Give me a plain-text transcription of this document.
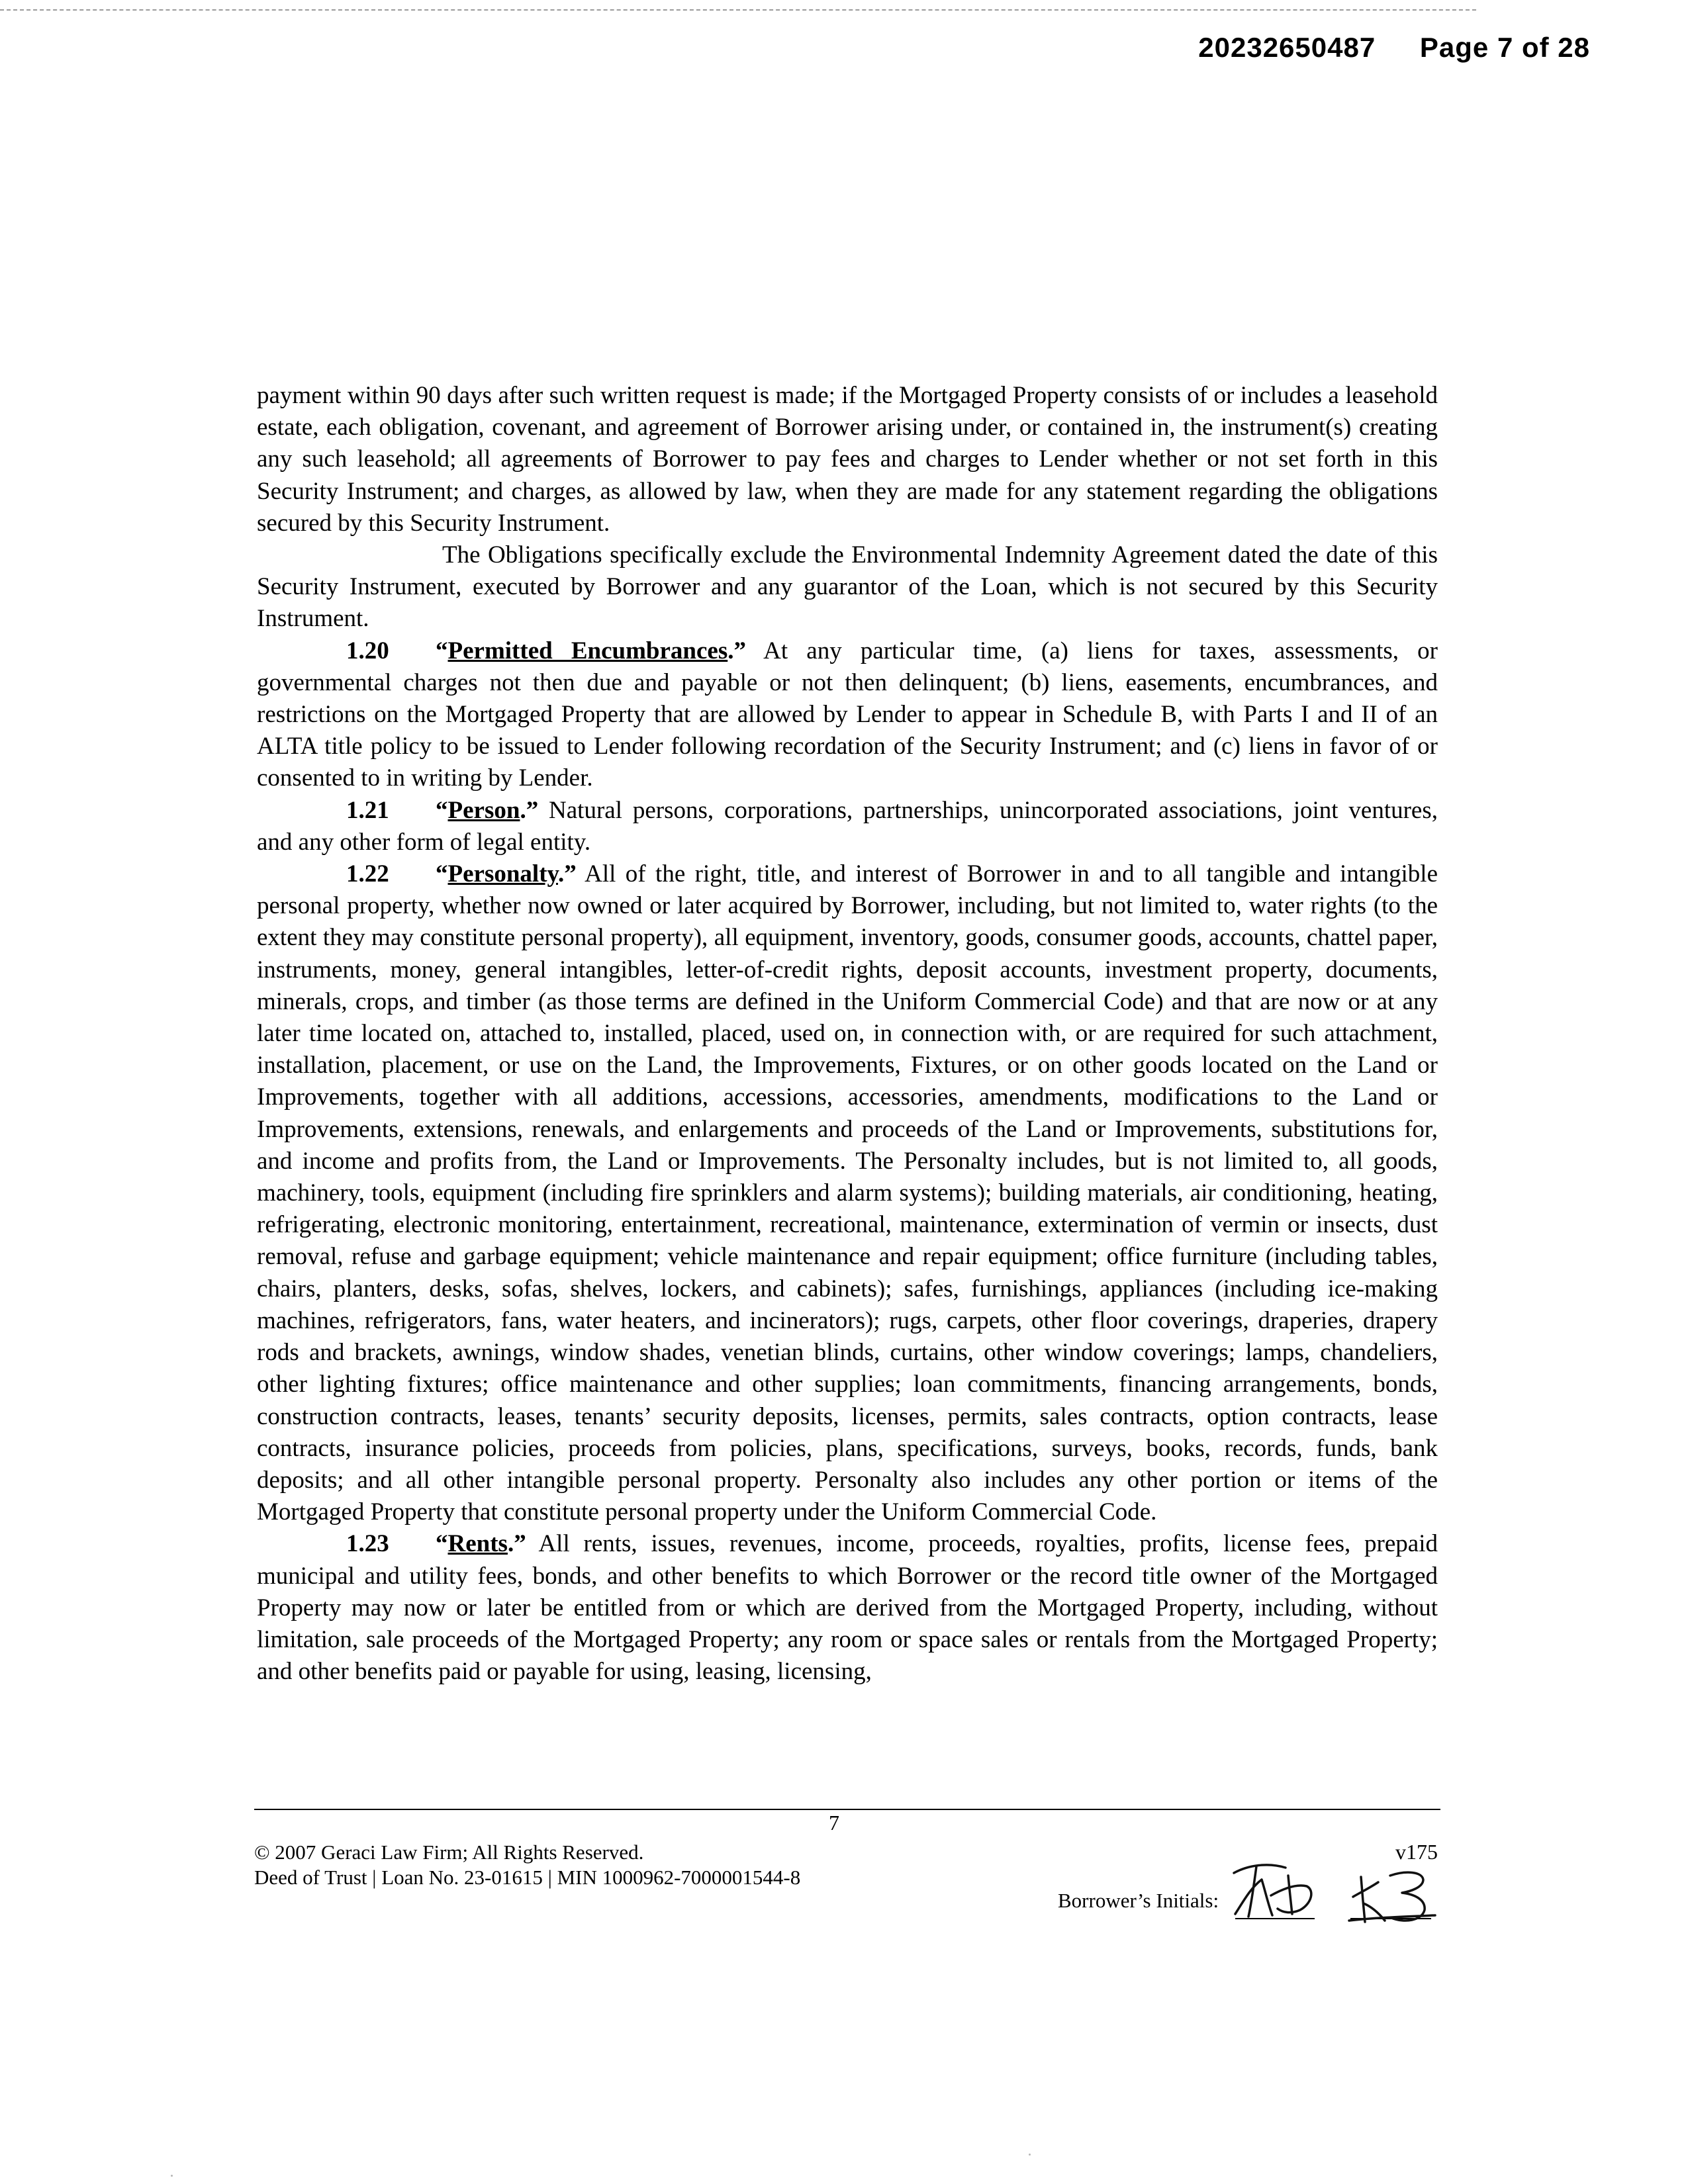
20232650487 Page 7 of 28

payment within 90 days after such written request is made; if the Mortgaged Property consists of or includes a leasehold estate, each obligation, covenant, and agreement of Borrower arising under, or contained in, the instrument(s) creating any such leasehold; all agreements of Borrower to pay fees and charges to Lender whether or not set forth in this Security Instrument; and charges, as allowed by law, when they are made for any statement regarding the obligations secured by this Security Instrument.

The Obligations specifically exclude the Environmental Indemnity Agreement dated the date of this Security Instrument, executed by Borrower and any guarantor of the Loan, which is not secured by this Security Instrument.

1.20 “Permitted Encumbrances.” At any particular time, (a) liens for taxes, assessments, or governmental charges not then due and payable or not then delinquent; (b) liens, easements, encumbrances, and restrictions on the Mortgaged Property that are allowed by Lender to appear in Schedule B, with Parts I and II of an ALTA title policy to be issued to Lender following recordation of the Security Instrument; and (c) liens in favor of or consented to in writing by Lender.

1.21 “Person.” Natural persons, corporations, partnerships, unincorporated associations, joint ventures, and any other form of legal entity.

1.22 “Personalty.” All of the right, title, and interest of Borrower in and to all tangible and intangible personal property, whether now owned or later acquired by Borrower, including, but not limited to, water rights (to the extent they may constitute personal property), all equipment, inventory, goods, consumer goods, accounts, chattel paper, instruments, money, general intangibles, letter-of-credit rights, deposit accounts, investment property, documents, minerals, crops, and timber (as those terms are defined in the Uniform Commercial Code) and that are now or at any later time located on, attached to, installed, placed, used on, in connection with, or are required for such attachment, installation, placement, or use on the Land, the Improvements, Fixtures, or on other goods located on the Land or Improvements, together with all additions, accessions, accessories, amendments, modifications to the Land or Improvements, extensions, renewals, and enlargements and proceeds of the Land or Improvements, substitutions for, and income and profits from, the Land or Improvements. The Personalty includes, but is not limited to, all goods, machinery, tools, equipment (including fire sprinklers and alarm systems); building materials, air conditioning, heating, refrigerating, electronic monitoring, entertainment, recreational, maintenance, extermination of vermin or insects, dust removal, refuse and garbage equipment; vehicle maintenance and repair equipment; office furniture (including tables, chairs, planters, desks, sofas, shelves, lockers, and cabinets); safes, furnishings, appliances (including ice-making machines, refrigerators, fans, water heaters, and incinerators); rugs, carpets, other floor coverings, draperies, drapery rods and brackets, awnings, window shades, venetian blinds, curtains, other window coverings; lamps, chandeliers, other lighting fixtures; office maintenance and other supplies; loan commitments, financing arrangements, bonds, construction contracts, leases, tenants’ security deposits, licenses, permits, sales contracts, option contracts, lease contracts, insurance policies, proceeds from policies, plans, specifications, surveys, books, records, funds, bank deposits; and all other intangible personal property. Personalty also includes any other portion or items of the Mortgaged Property that constitute personal property under the Uniform Commercial Code.

1.23 “Rents.” All rents, issues, revenues, income, proceeds, royalties, profits, license fees, prepaid municipal and utility fees, bonds, and other benefits to which Borrower or the record title owner of the Mortgaged Property may now or later be entitled from or which are derived from the Mortgaged Property, including, without limitation, sale proceeds of the Mortgaged Property; any room or space sales or rentals from the Mortgaged Property; and other benefits paid or payable for using, leasing, licensing,

7
© 2007 Geraci Law Firm; All Rights Reserved.
Deed of Trust | Loan No. 23-01615 | MIN 1000962-7000001544-8
v175
Borrower’s Initials:
